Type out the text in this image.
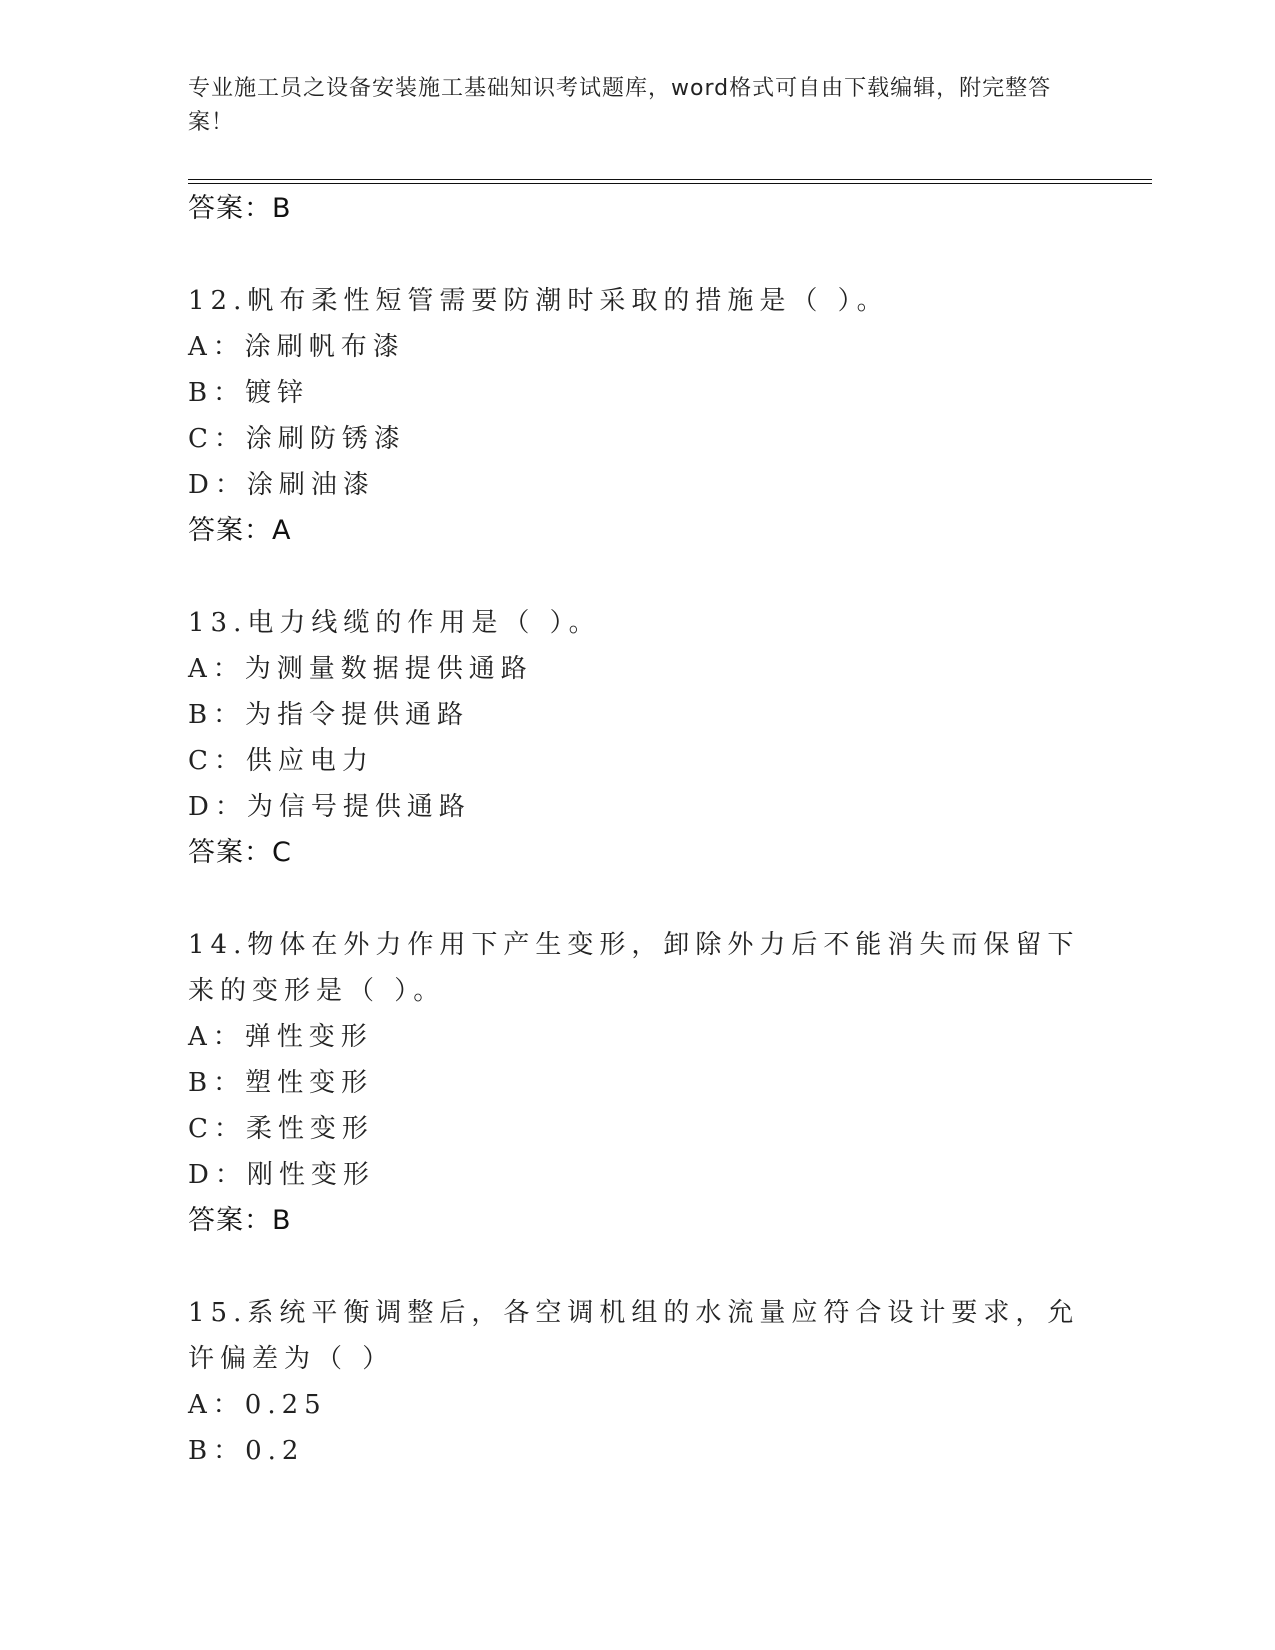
专业施工员之设备安装施工基础知识考试题库，word格式可自由下载编辑，附完整答案！
答案：B
12.帆布柔性短管需要防潮时采取的措施是（ ）。
A：涂刷帆布漆
B：镀锌
C：涂刷防锈漆
D：涂刷油漆
答案：A
13.电力线缆的作用是（ ）。
A：为测量数据提供通路
B：为指令提供通路
C：供应电力
D：为信号提供通路
答案：C
14.物体在外力作用下产生变形，卸除外力后不能消失而保留下来的变形是（ ）。
A：弹性变形
B：塑性变形
C：柔性变形
D：刚性变形
答案：B
15.系统平衡调整后，各空调机组的水流量应符合设计要求，允许偏差为（ ）
A：0.25
B：0.2
